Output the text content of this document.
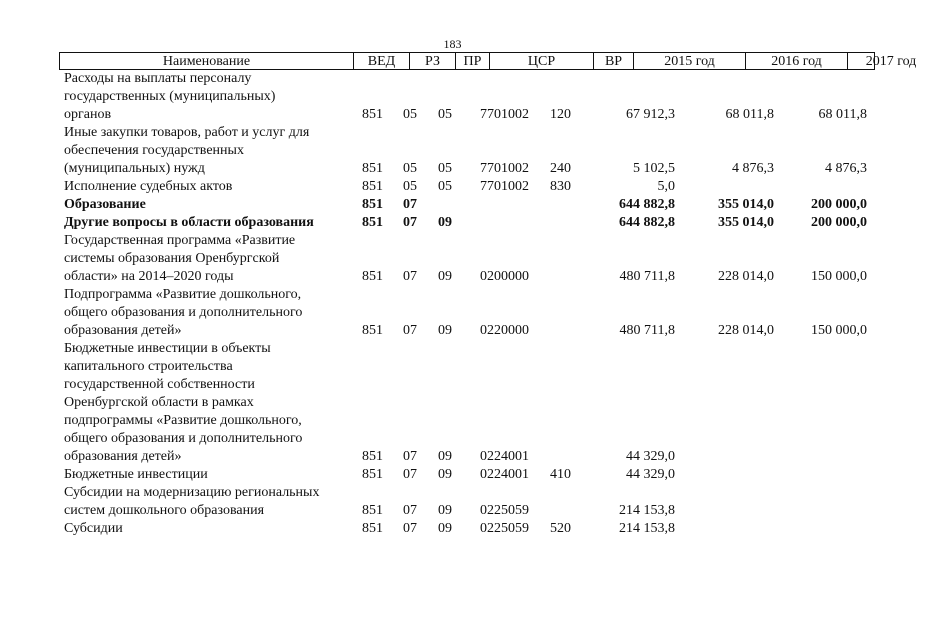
183
Наименование	ВЕД	РЗ	ПР	ЦСР	ВР	2015 год	2016 год	2017 год
Расходы на выплаты персоналу
государственных (муниципальных)
органов	851 05 05 7701002 120	67 912,3	68 011,8	68 011,8
Иные закупки товаров, работ и услуг для
обеспечения государственных
(муниципальных) нужд	851 05 05 7701002 240	5 102,5	4 876,3	4 876,3
Исполнение судебных актов	851 05 05 7701002 830	5,0
Образование	851 07	644 882,8	355 014,0	200 000,0
Другие вопросы в области образования	851 07 09	644 882,8	355 014,0	200 000,0
Государственная программа «Развитие
системы образования Оренбургской
области» на 2014–2020 годы	851 07 09 0200000	480 711,8	228 014,0	150 000,0
Подпрограмма «Развитие дошкольного,
общего образования и дополнительного
образования детей»	851 07 09 0220000	480 711,8	228 014,0	150 000,0
Бюджетные инвестиции в объекты
капитального строительства
государственной собственности
Оренбургской области в рамках
подпрограммы «Развитие дошкольного,
общего образования и дополнительного
образования детей»	851 07 09 0224001	44 329,0
Бюджетные инвестиции	851 07 09 0224001 410	44 329,0
Субсидии на модернизацию региональных
систем дошкольного образования	851 07 09 0225059	214 153,8
Субсидии	851 07 09 0225059 520	214 153,8
